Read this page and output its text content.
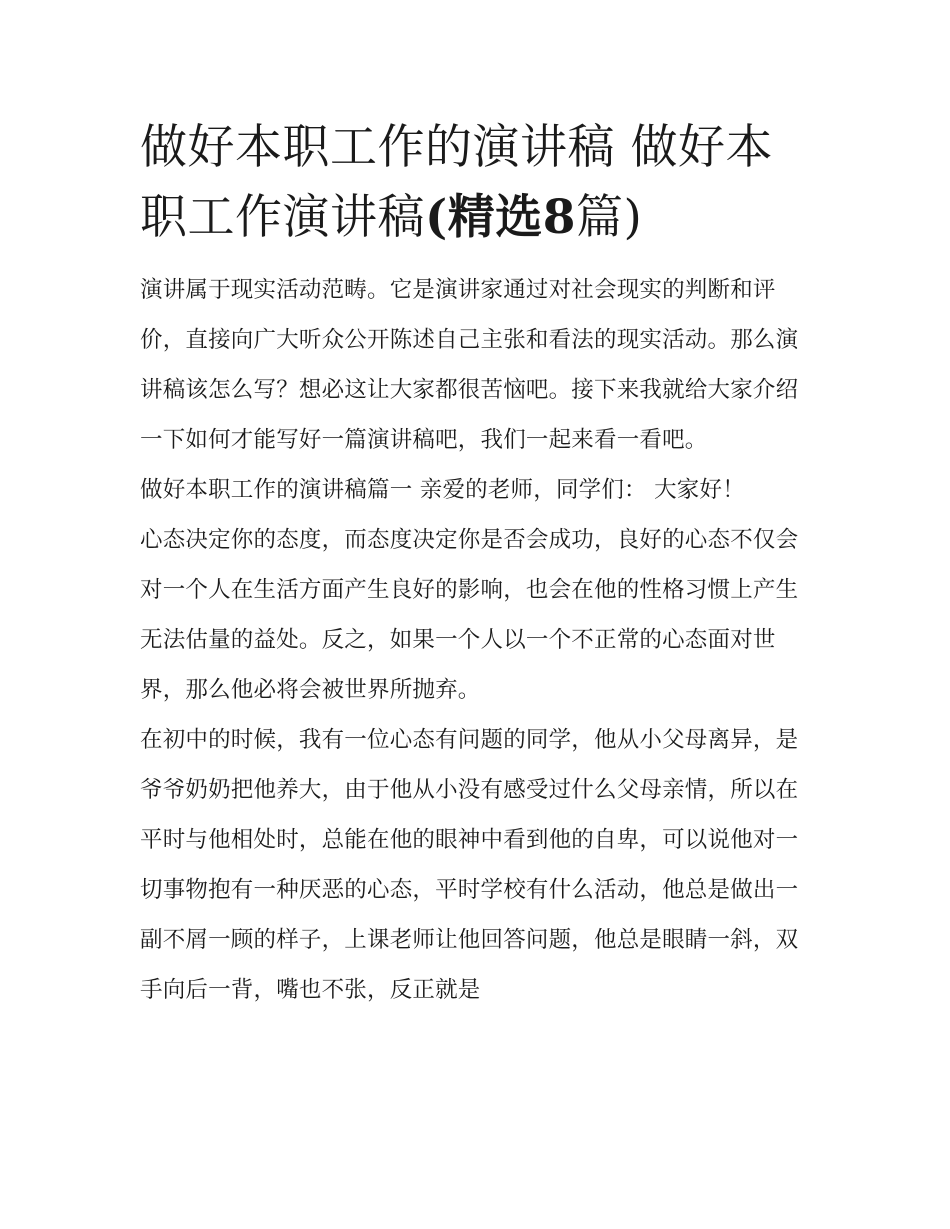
做好本职工作的演讲稿 做好本职工作演讲稿(精选8篇)

演讲属于现实活动范畴。它是演讲家通过对社会现实的判断和评价，直接向广大听众公开陈述自己主张和看法的现实活动。那么演讲稿该怎么写？想必这让大家都很苦恼吧。接下来我就给大家介绍一下如何才能写好一篇演讲稿吧，我们一起来看一看吧。

做好本职工作的演讲稿篇一 亲爱的老师，同学们： 大家好！

心态决定你的态度，而态度决定你是否会成功，良好的心态不仅会对一个人在生活方面产生良好的影响，也会在他的性格习惯上产生无法估量的益处。反之，如果一个人以一个不正常的心态面对世界，那么他必将会被世界所抛弃。

在初中的时候，我有一位心态有问题的同学，他从小父母离异，是爷爷奶奶把他养大，由于他从小没有感受过什么父母亲情，所以在平时与他相处时，总能在他的眼神中看到他的自卑，可以说他对一切事物抱有一种厌恶的心态，平时学校有什么活动，他总是做出一副不屑一顾的样子，上课老师让他回答问题，他总是眼睛一斜，双手向后一背，嘴也不张，反正就是
